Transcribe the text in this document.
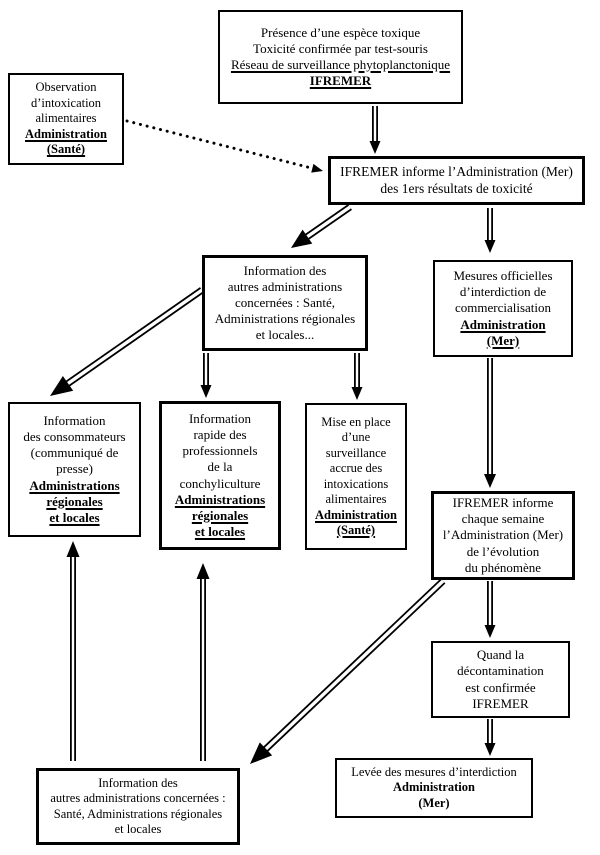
Présence d’une espèce toxique
Toxicité confirmée par test-souris
Réseau de surveillance phytoplanctonique
IFREMER
Observation
d’intoxication
alimentaires
Administration
(Santé)
IFREMER informe l’Administration (Mer)
des 1ers résultats de toxicité
Information des
autres administrations
concernées : Santé,
Administrations régionales
et locales...
Mesures officielles
d’interdiction de
commercialisation
Administration
(Mer)
Information
des consommateurs
(communiqué de
presse)
Administrations
régionales
et locales
Information
rapide des
professionnels
de la
conchyliculture
Administrations
régionales
et locales
Mise en place
d’une
surveillance
accrue des
intoxications
alimentaires
Administration
(Santé)
IFREMER informe
chaque semaine
l’Administration (Mer)
de l’évolution
du phénomène
Quand la
décontamination
est confirmée
IFREMER
Levée des mesures d’interdiction
Administration
(Mer)
Information des
autres administrations concernées :
Santé, Administrations régionales
et locales
